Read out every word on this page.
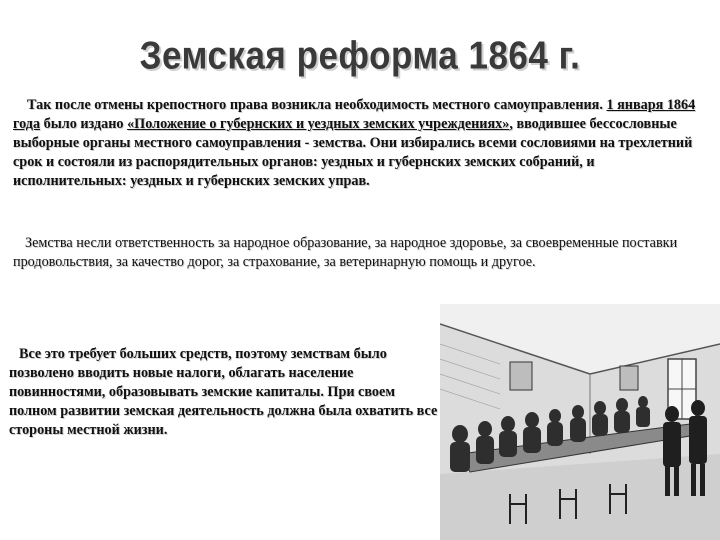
Земская реформа 1864 г.

Так после отмены крепостного права возникла необходимость местного самоуправления. 1 января 1864 года было издано «Положение о губернских и уездных земских учреждениях», вводившее бессословные выборные органы местного самоуправления - земства. Они избирались всеми сословиями на трехлетний срок и состояли из распорядительных органов: уездных и губернских земских собраний, и исполнительных: уездных и губернских земских управ.

Земства несли ответственность за народное образование, за народное здоровье, за своевременные поставки продовольствия, за качество дорог, за страхование, за ветеринарную помощь и другое.

Все это требует больших средств, поэтому земствам было позволено вводить новые налоги, облагать население повинностями, образовывать земские капиталы. При своем полном развитии земская деятельность должна была охватить все стороны местной жизни.
